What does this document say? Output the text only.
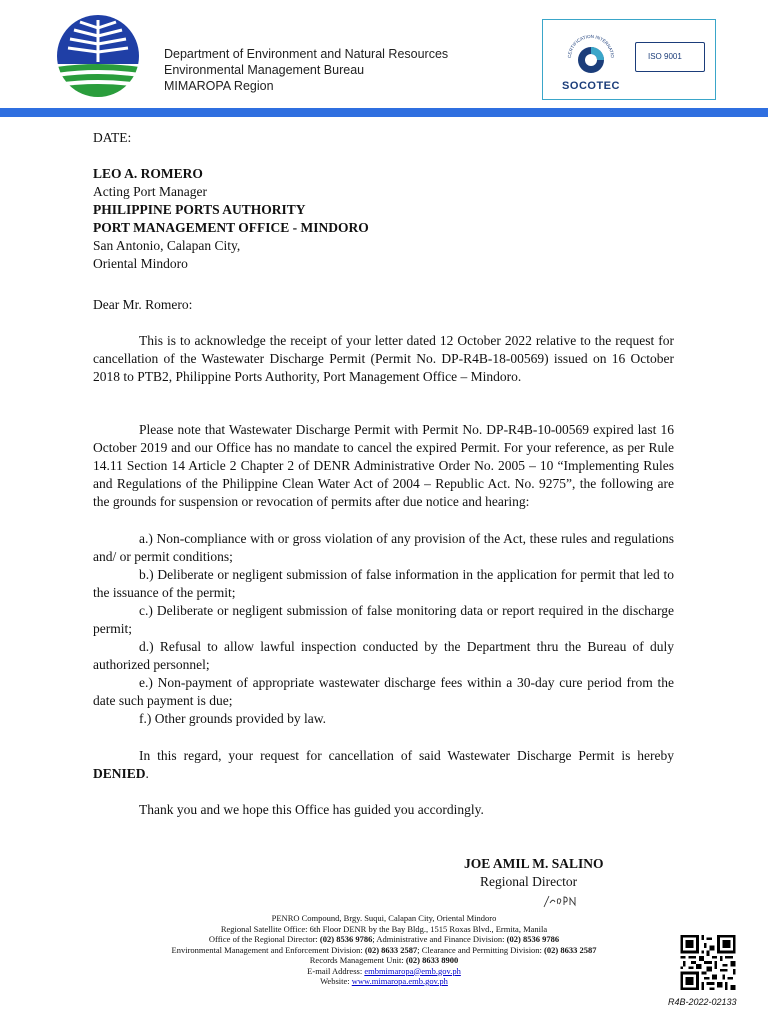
Department of Environment and Natural Resources
Environmental Management Bureau
MIMAROPA Region
CERTIFICATION INTERNATIO
SOCOTEC
ISO 9001
DATE:
LEO A. ROMERO
Acting Port Manager
PHILIPPINE PORTS AUTHORITY
PORT MANAGEMENT OFFICE - MINDORO
San Antonio, Calapan City,
Oriental Mindoro
Dear Mr. Romero:
This is to acknowledge the receipt of your letter dated 12 October 2022 relative to the request for cancellation of the Wastewater Discharge Permit (Permit No. DP-R4B-18-00569) issued on 16 October 2018 to PTB2, Philippine Ports Authority, Port Management Office – Mindoro.
Please note that Wastewater Discharge Permit with Permit No. DP-R4B-10-00569 expired last 16 October 2019 and our Office has no mandate to cancel the expired Permit. For your reference, as per Rule 14.11 Section 14 Article 2 Chapter 2 of DENR Administrative Order No. 2005 – 10 “Implementing Rules and Regulations of the Philippine Clean Water Act of 2004 – Republic Act. No. 9275”, the following are the grounds for suspension or revocation of permits after due notice and hearing:
a.) Non-compliance with or gross violation of any provision of the Act, these rules and regulations and/ or permit conditions;
b.) Deliberate or negligent submission of false information in the application for permit that led to the issuance of the permit;
c.) Deliberate or negligent submission of false monitoring data or report required in the discharge permit;
d.) Refusal to allow lawful inspection conducted by the Department thru the Bureau of duly authorized personnel;
e.) Non-payment of appropriate wastewater discharge fees within a 30-day cure period from the date such payment is due;
f.) Other grounds provided by law.
In this regard, your request for cancellation of said Wastewater Discharge Permit is hereby DENIED.
Thank you and we hope this Office has guided you accordingly.
JOE AMIL M. SALINO
Regional Director
PENRO Compound, Brgy. Suqui, Calapan City, Oriental Mindoro
Regional Satellite Office: 6th Floor DENR by the Bay Bldg., 1515 Roxas Blvd., Ermita, Manila
Office of the Regional Director: (02) 8536 9786; Administrative and Finance Division: (02) 8536 9786
Environmental Management and Enforcement Division: (02) 8633 2587; Clearance and Permitting Division: (02) 8633 2587
Records Management Unit: (02) 8633 8900
E-mail Address: embmimaropa@emb.gov.ph
Website: www.mimaropa.emb.gov.ph
R4B-2022-02133
